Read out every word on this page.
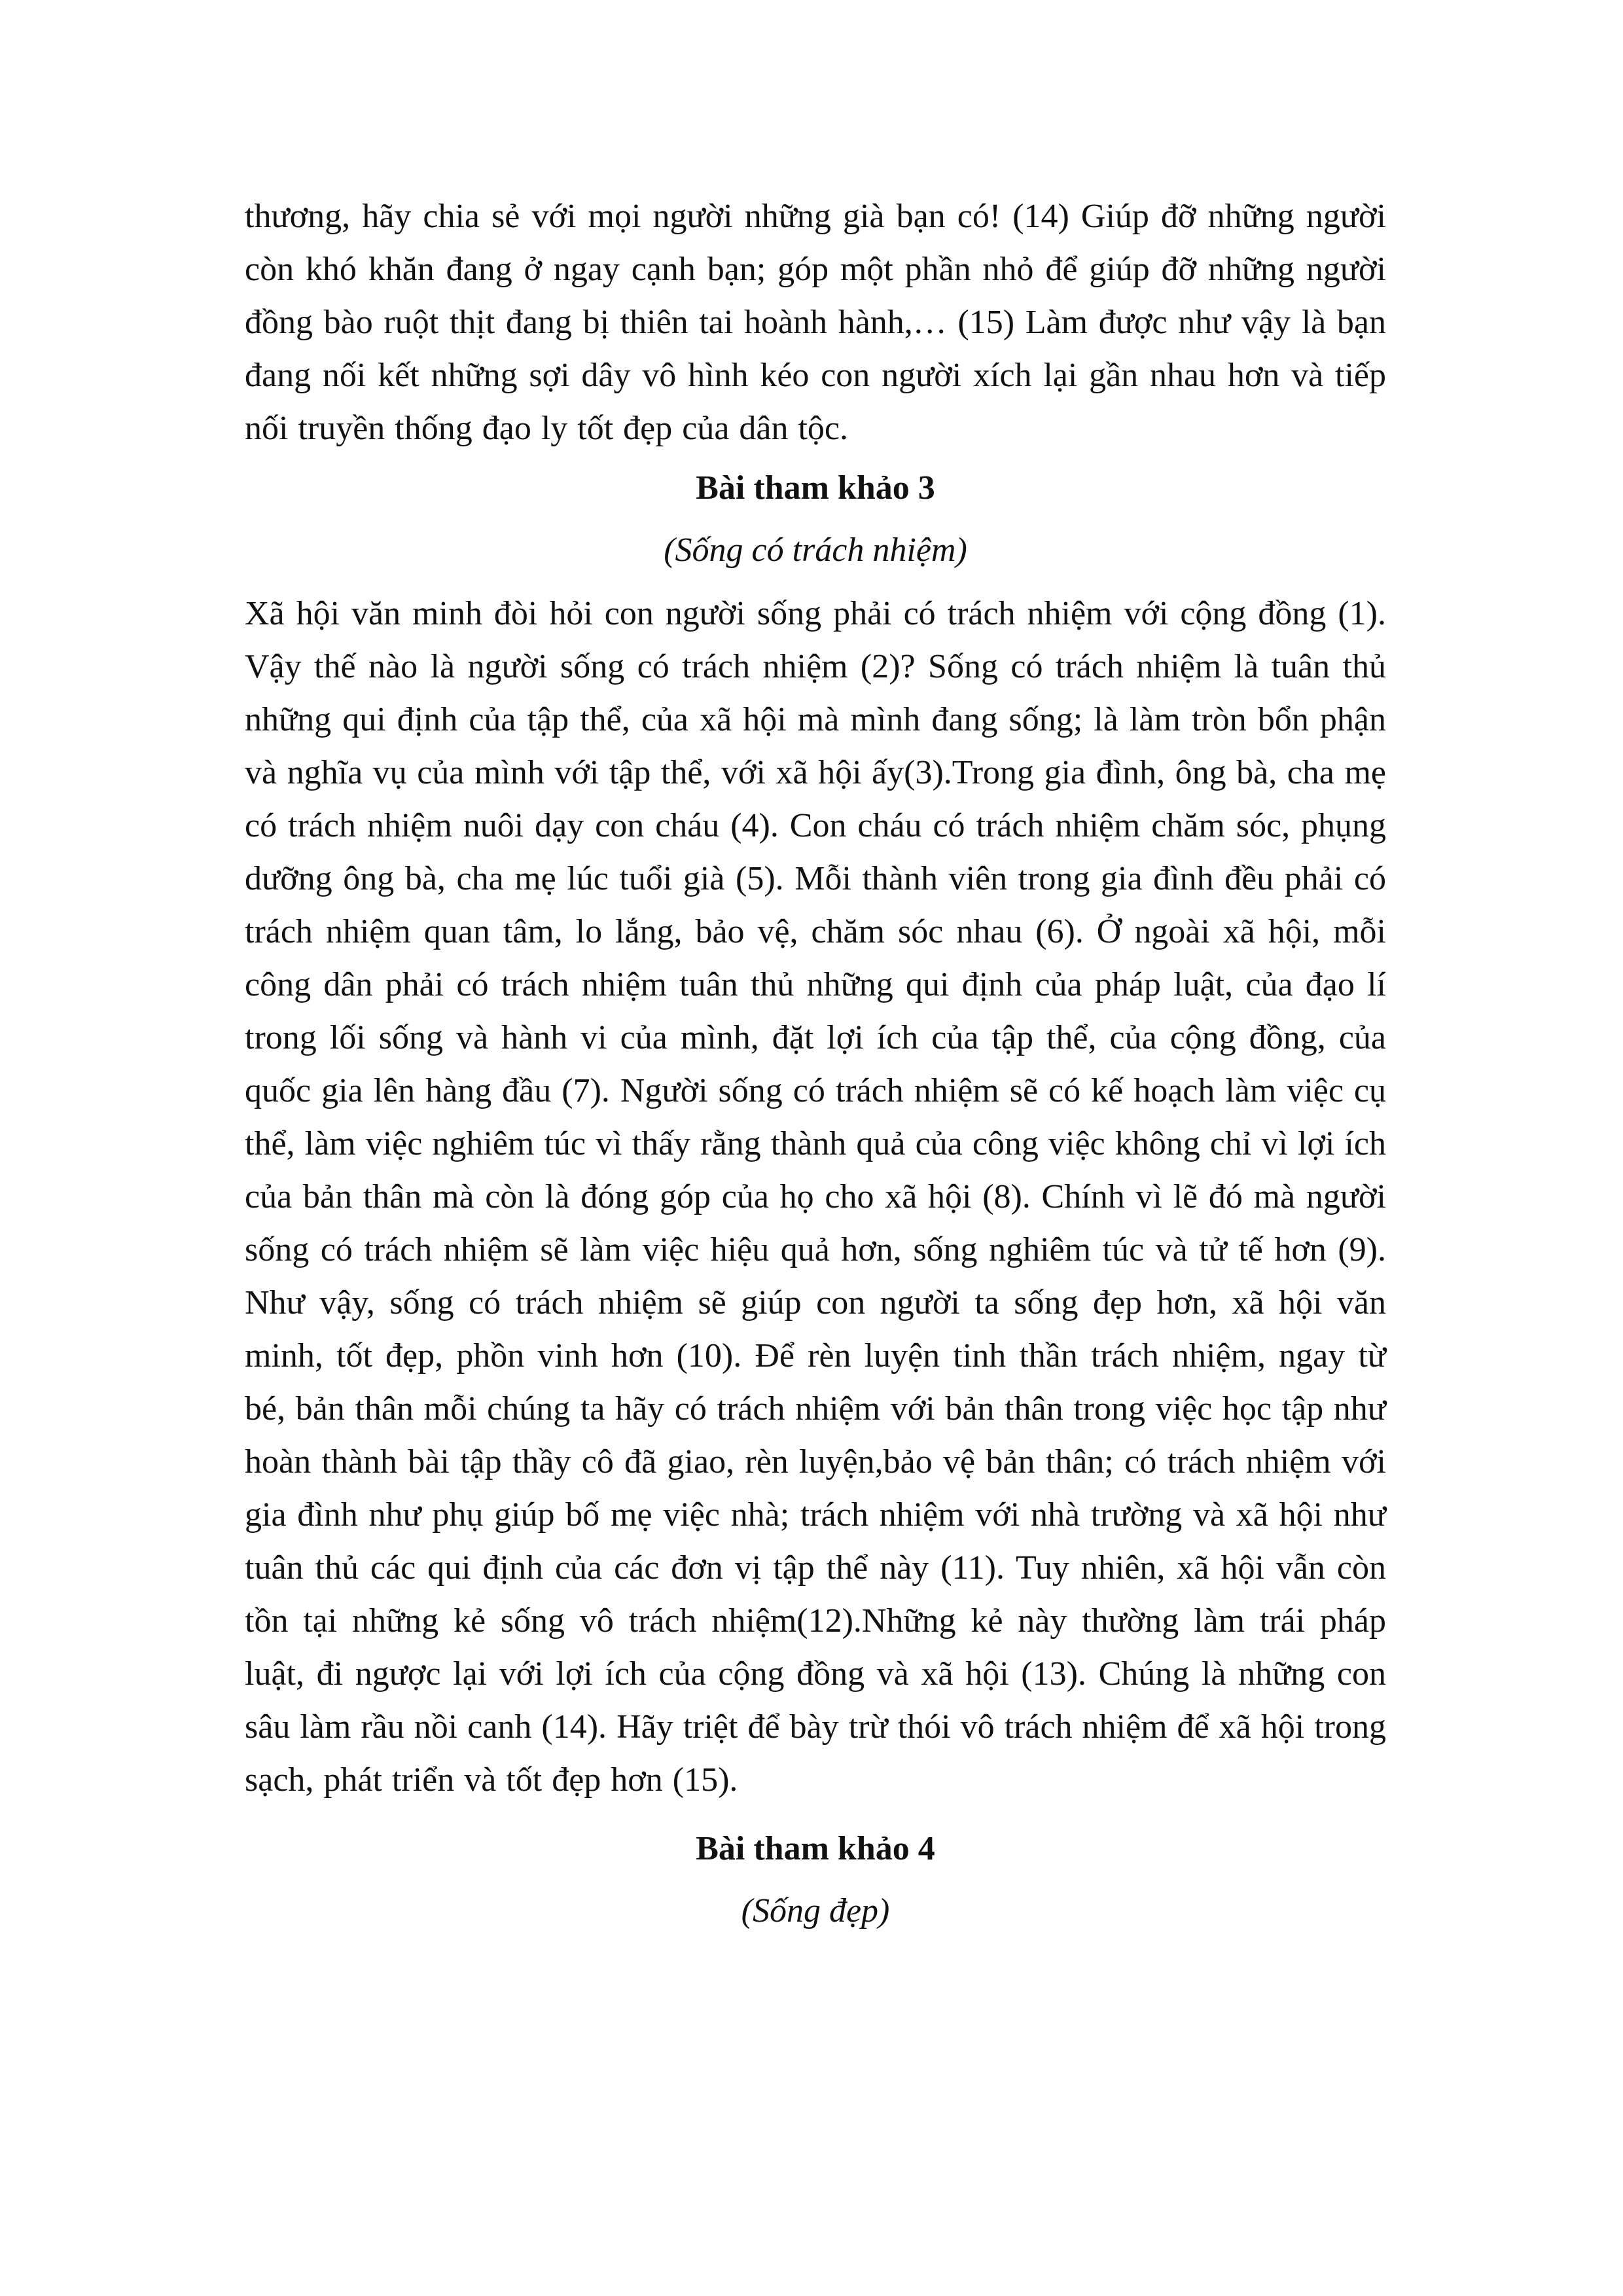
thương, hãy chia sẻ với mọi người những già bạn có! (14) Giúp đỡ những người còn khó khăn đang ở ngay cạnh bạn; góp một phần nhỏ để giúp đỡ những người đồng bào ruột thịt đang bị thiên tai hoành hành,… (15) Làm được như vậy là bạn đang nối kết những sợi dây vô hình kéo con người xích lại gần nhau hơn và tiếp nối truyền thống đạo ly tốt đẹp của dân tộc.

Bài tham khảo 3

(Sống có trách nhiệm)

Xã hội văn minh đòi hỏi con người sống phải có trách nhiệm với cộng đồng (1). Vậy thế nào là người sống có trách nhiệm (2)? Sống có trách nhiệm là tuân thủ những qui định của tập thể, của xã hội mà mình đang sống; là làm tròn bổn phận và nghĩa vụ của mình với tập thể, với xã hội ấy(3).Trong gia đình, ông bà, cha mẹ có trách nhiệm nuôi dạy con cháu (4). Con cháu có trách nhiệm chăm sóc, phụng dưỡng ông bà, cha mẹ lúc tuổi già (5). Mỗi thành viên trong gia đình đều phải có trách nhiệm quan tâm, lo lắng, bảo vệ, chăm sóc nhau (6). Ở ngoài xã hội, mỗi công dân phải có trách nhiệm tuân thủ những qui định của pháp luật, của đạo lí trong lối sống và hành vi của mình, đặt lợi ích của tập thể, của cộng đồng, của quốc gia lên hàng đầu (7). Người sống có trách nhiệm sẽ có kế hoạch làm việc cụ thể, làm việc nghiêm túc vì thấy rằng thành quả của công việc không chỉ vì lợi ích của bản thân mà còn là đóng góp của họ cho xã hội (8). Chính vì lẽ đó mà người sống có trách nhiệm sẽ làm việc hiệu quả hơn, sống nghiêm túc và tử tế hơn (9). Như vậy, sống có trách nhiệm sẽ giúp con người ta sống đẹp hơn, xã hội văn minh, tốt đẹp, phồn vinh hơn (10). Để rèn luyện tinh thần trách nhiệm, ngay từ bé, bản thân mỗi chúng ta hãy có trách nhiệm với bản thân trong việc học tập như hoàn thành bài tập thầy cô đã giao, rèn luyện,bảo vệ bản thân; có trách nhiệm với gia đình như phụ giúp bố mẹ việc nhà; trách nhiệm với nhà trường và xã hội như tuân thủ các qui định của các đơn vị tập thể này (11). Tuy nhiên, xã hội vẫn còn tồn tại những kẻ sống vô trách nhiệm(12).Những kẻ này thường làm trái pháp luật, đi ngược lại với lợi ích của cộng đồng và xã hội (13). Chúng là những con sâu làm rầu nồi canh (14). Hãy triệt để bày trừ thói vô trách nhiệm để xã hội trong sạch, phát triển và tốt đẹp hơn (15).

Bài tham khảo 4

(Sống đẹp)
